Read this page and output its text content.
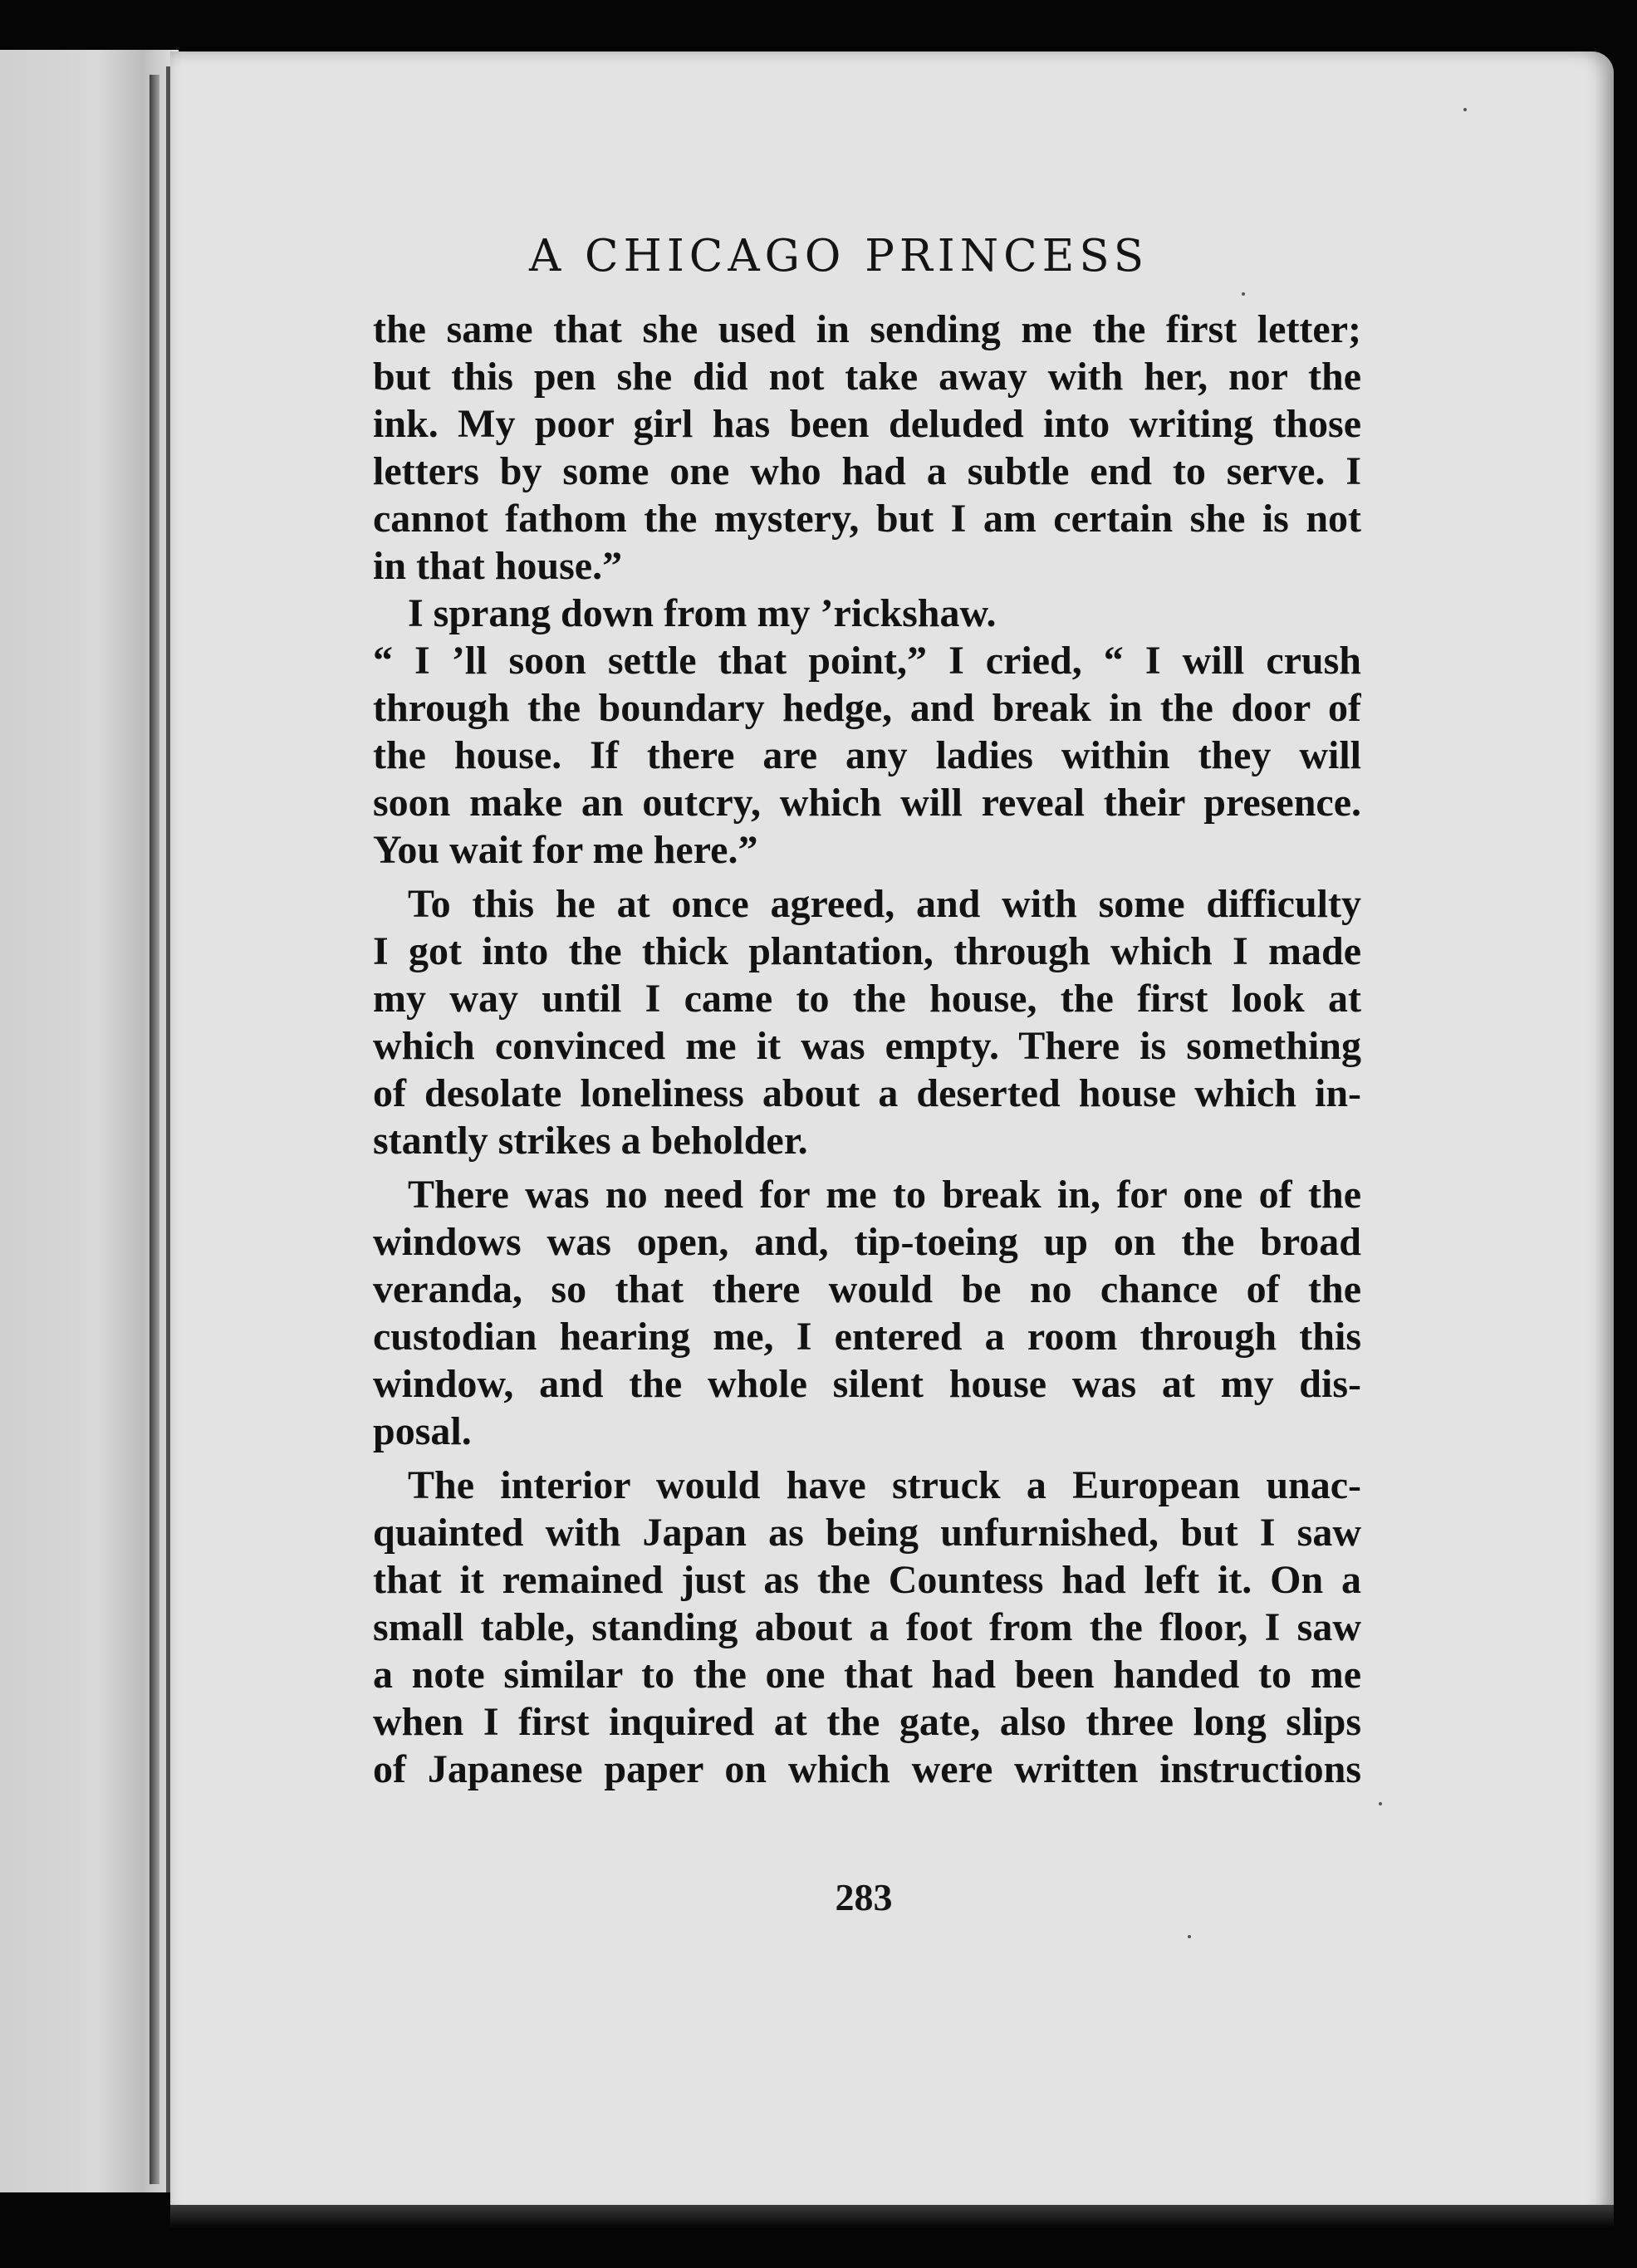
A CHICAGO PRINCESS
the same that she used in sending me the first letter;
but this pen she did not take away with her, nor the
ink. My poor girl has been deluded into writing those
letters by some one who had a subtle end to serve. I
cannot fathom the mystery, but I am certain she is not
in that house.”
I sprang down from my ’rickshaw.
“ I ’ll soon settle that point,” I cried, “ I will crush
through the boundary hedge, and break in the door of
the house. If there are any ladies within they will
soon make an outcry, which will reveal their presence.
You wait for me here.”
To this he at once agreed, and with some difficulty
I got into the thick plantation, through which I made
my way until I came to the house, the first look at
which convinced me it was empty. There is something
of desolate loneliness about a deserted house which in-
stantly strikes a beholder.
There was no need for me to break in, for one of the
windows was open, and, tip-toeing up on the broad
veranda, so that there would be no chance of the
custodian hearing me, I entered a room through this
window, and the whole silent house was at my dis-
posal.
The interior would have struck a European unac-
quainted with Japan as being unfurnished, but I saw
that it remained just as the Countess had left it. On a
small table, standing about a foot from the floor, I saw
a note similar to the one that had been handed to me
when I first inquired at the gate, also three long slips
of Japanese paper on which were written instructions

283
